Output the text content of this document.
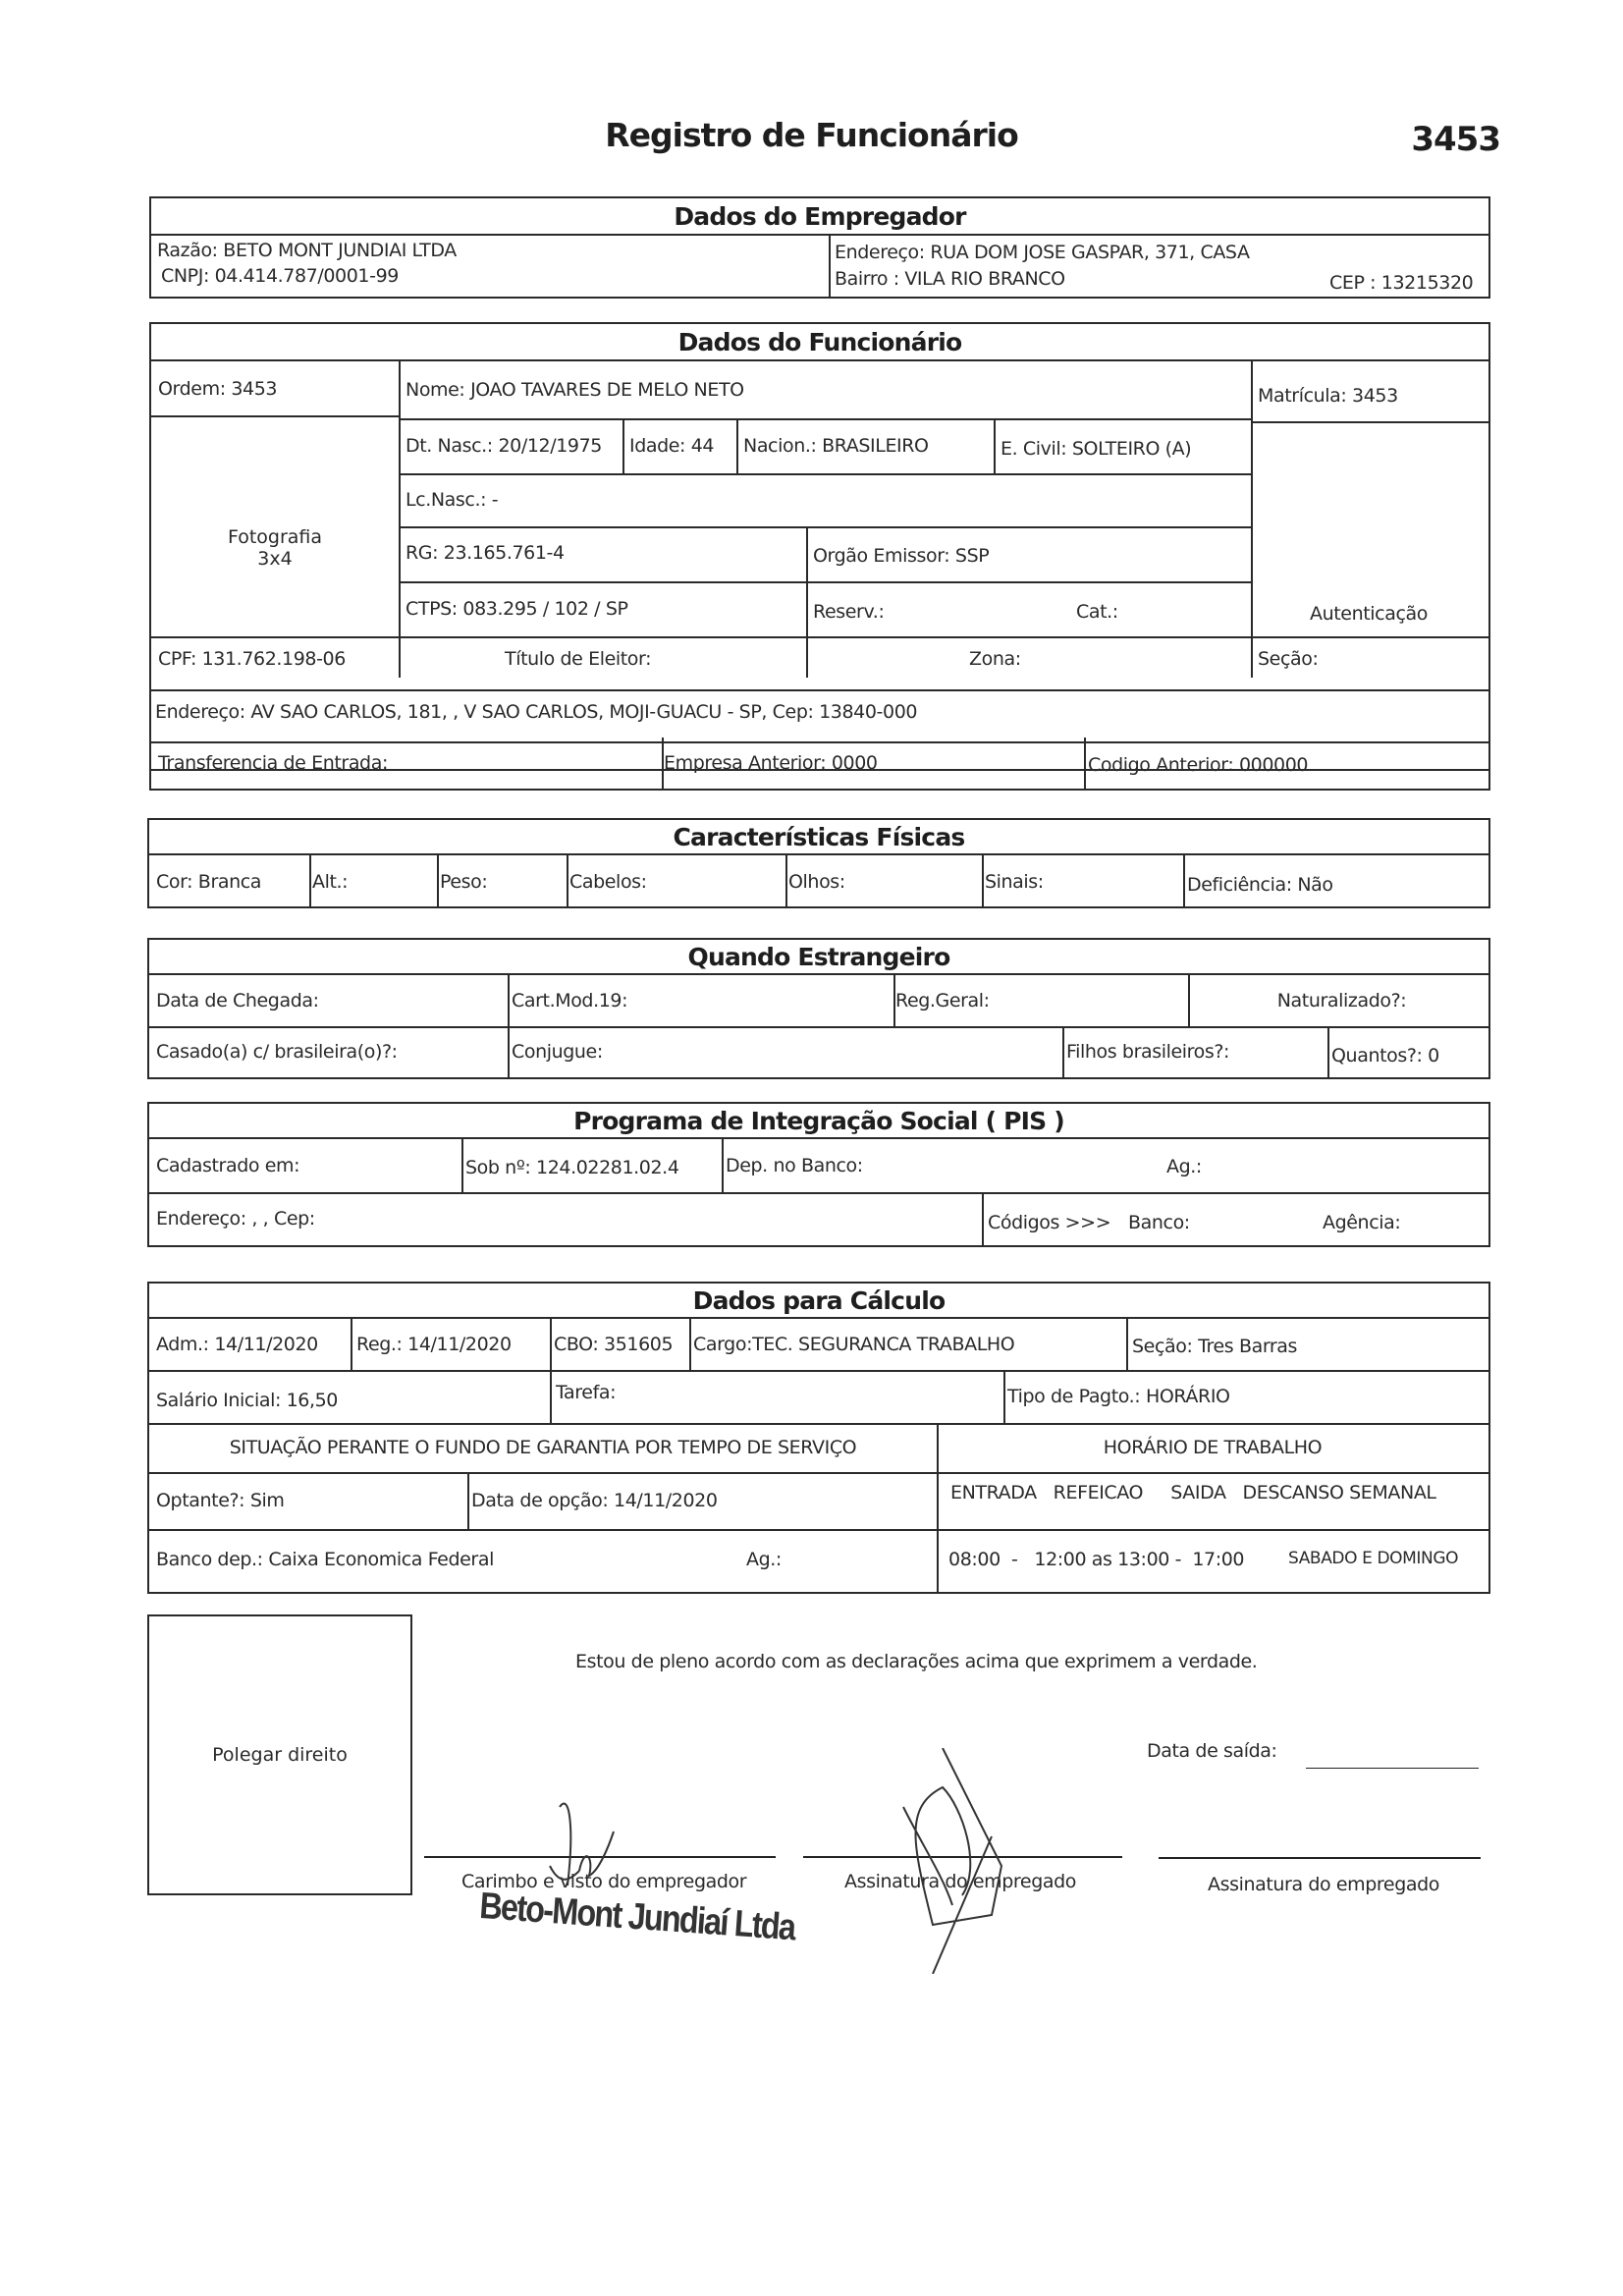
Registro de Funcionário	3453
Dados do Empregador
Razão: BETO MONT JUNDIAI LTDA
CNPJ: 04.414.787/0001-99
Endereço: RUA DOM JOSE GASPAR, 371, CASA
Bairro : VILA RIO BRANCO	CEP : 13215320
Dados do Funcionário
Ordem: 3453	Nome: JOAO TAVARES DE MELO NETO	Matrícula: 3453
Fotografia
3x4
Dt. Nasc.: 20/12/1975	Idade: 44	Nacion.: BRASILEIRO	E. Civil: SOLTEIRO (A)
Lc.Nasc.: -
RG: 23.165.761-4	Orgão Emissor: SSP
CTPS: 083.295 / 102 / SP	Reserv.:	Cat.:	Autenticação
CPF: 131.762.198-06	Título de Eleitor:	Zona:	Seção:
Endereço: AV SAO CARLOS, 181, , V SAO CARLOS, MOJI-GUACU - SP, Cep: 13840-000
Transferencia de Entrada:	Empresa Anterior: 0000	Codigo Anterior: 000000
Características Físicas
Cor: Branca	Alt.:	Peso:	Cabelos:	Olhos:	Sinais:	Deficiência: Não
Quando Estrangeiro
Data de Chegada:	Cart.Mod.19:	Reg.Geral:	Naturalizado?:
Casado(a) c/ brasileira(o)?:	Conjugue:	Filhos brasileiros?:	Quantos?: 0
Programa de Integração Social ( PIS )
Cadastrado em:	Sob nº: 124.02281.02.4	Dep. no Banco:	Ag.:
Endereço: , , Cep:	Códigos >>> Banco:	Agência:
Dados para Cálculo
Adm.: 14/11/2020	Reg.: 14/11/2020	CBO: 351605	Cargo:TEC. SEGURANCA TRABALHO	Seção: Tres Barras
Salário Inicial: 16,50	Tarefa:	Tipo de Pagto.: HORÁRIO
SITUAÇÃO PERANTE O FUNDO DE GARANTIA POR TEMPO DE SERVIÇO	HORÁRIO DE TRABALHO
Optante?: Sim	Data de opção: 14/11/2020	ENTRADA   REFEICAO     SAIDA   DESCANSO SEMANAL
Banco dep.: Caixa Economica Federal	Ag.:	08:00  -   12:00 as 13:00 -  17:00	SABADO E DOMINGO
Polegar direito
Estou de pleno acordo com as declarações acima que exprimem a verdade.
Data de saída:
Carimbo e visto do empregador	Assinatura do empregado	Assinatura do empregado
Beto-Mont Jundiaí Ltda
